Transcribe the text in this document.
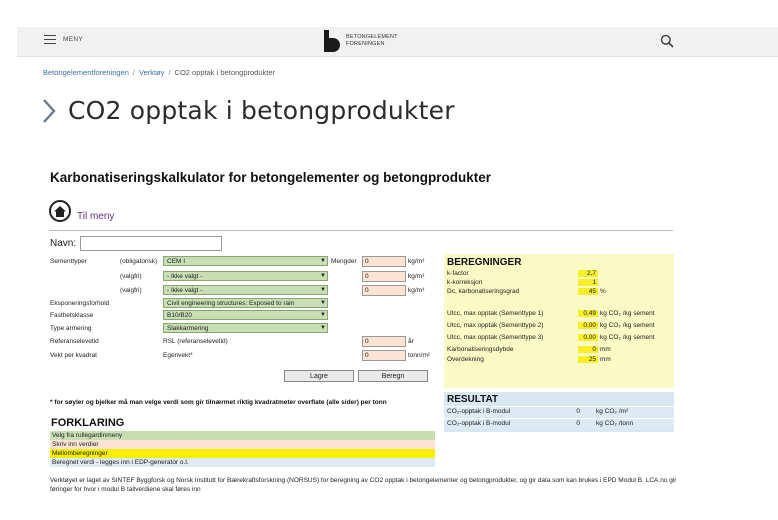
MENY	BETONGELEMENT
FORENINGEN
Betongelementforeningen / Verktøy / CO2 opptak i betongprodukter
CO2 opptak i betongprodukter
Karbonatiseringskalkulator for betongelementer og betongprodukter
Til meny
Navn:
Sementtyper	(obligatorisk) CEM I	▼ Mengder	0	kg/m³
(valgfri)	- Ikke valgt -	▼	0	kg/m³
(valgfri)	- Ikke valgt -	▼	0	kg/m³
Eksponeringsforhold	Civil engineering structures: Exposed to rain	▼
Fasthetsklasse	B10/B20	▼
Type armering	Slakkarmering	▼
Referanselevetid	RSL (referanselevetid)	0	år
Vekt per kvadrat	Egenvekt*	0	tonn/m²
Lagre	Beregn
* for søyler og bjelker må man velge verdi som gir tilnærmet riktig kvadratmeter overflate (alle sider) per tonn
FORKLARING
Velg fra rullegardinmeny
Skriv inn verdier
Mellomberegninger
Beregnet verdi - legges inn i EDP-generator o.l.
Verktøyet er laget av SINTEF Byggforsk og Norsk Institutt for Bærekraftsforskning (NORSUS) for beregning av CO2 opptak i betongelementer og betongprodukter, og gir data som kan brukes i EPD Modul B. LCA.no gir føringer for hvor i modul B tallverdiene skal føres inn
BEREGNINGER
k-factor	2,7
k-korreksjon	1
Dc, karbonatiseringsgrad	45 %
Utcc, max opptak (Sementtype 1)	0,49 kg CO₂ /kg sement
Utcc, max opptak (Sementtype 2)	0,00 kg CO₂ /kg sement
Utcc, max opptak (Sementtype 3)	0,00 kg CO₂ /kg sement
Karbonatiseringsdybde	0 mm
Overdekning	25 mm
RESULTAT
CO₂-opptak i B-modul	0 kg CO₂ /m²
CO₂-opptak i B-modul	0 kg CO₂ /tonn
